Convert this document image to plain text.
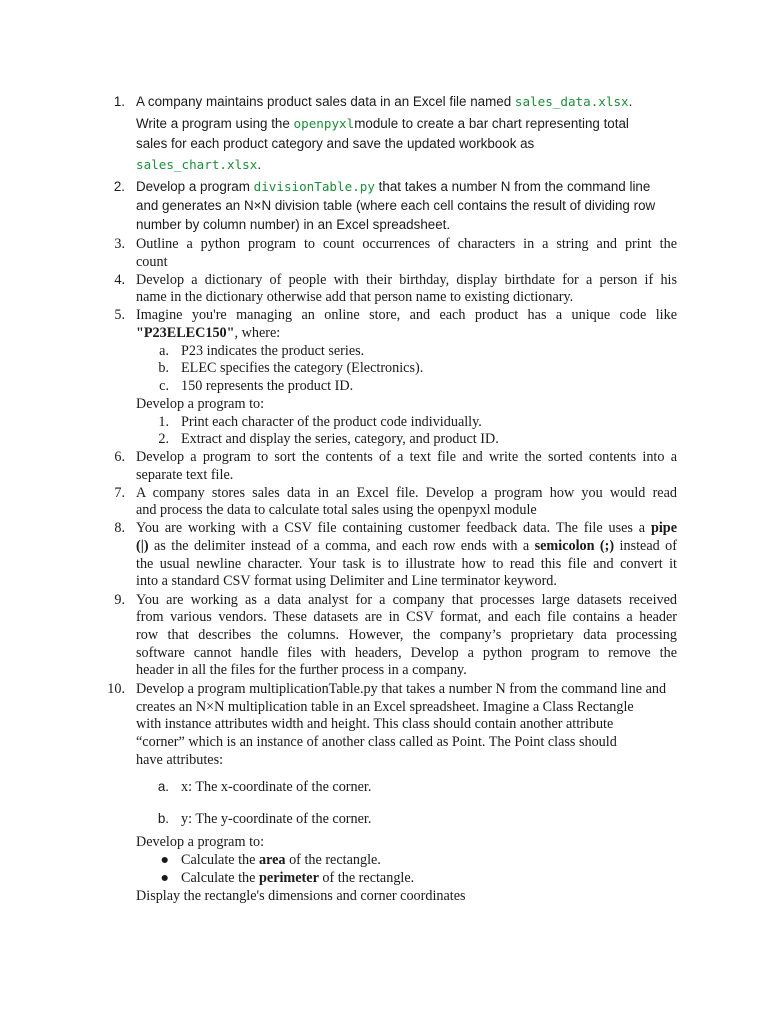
1. A company maintains product sales data in an Excel file named sales_data.xlsx.

Write a program using the openpyxlmodule to create a bar chart representing total

sales for each product category and save the updated workbook as

sales_chart.xlsx.

2. Develop a program divisionTable.py that takes a number N from the command line

and generates an N×N division table (where each cell contains the result of dividing row

number by column number) in an Excel spreadsheet.

3. Outline a python program to count occurrences of characters in a string and print the

count

4. Develop a dictionary of people with their birthday, display birthdate for a person if his

name in the dictionary otherwise add that person name to existing dictionary.

5. Imagine you're managing an online store, and each product has a unique code like

"P23ELEC150", where:

a. P23 indicates the product series.

b. ELEC specifies the category (Electronics).

c. 150 represents the product ID.

Develop a program to:

1. Print each character of the product code individually.

2. Extract and display the series, category, and product ID.

6. Develop a program to sort the contents of a text file and write the sorted contents into a

separate text file.

7. A company stores sales data in an Excel file. Develop a program how you would read

and process the data to calculate total sales using the openpyxl module

8. You are working with a CSV file containing customer feedback data. The file uses a pipe

(|) as the delimiter instead of a comma, and each row ends with a semicolon (;) instead of

the usual newline character. Your task is to illustrate how to read this file and convert it

into a standard CSV format using Delimiter and Line terminator keyword.

9. You are working as a data analyst for a company that processes large datasets received

from various vendors. These datasets are in CSV format, and each file contains a header

row that describes the columns. However, the company’s proprietary data processing

software cannot handle files with headers, Develop a python program to remove the

header in all the files for the further process in a company.

10. Develop a program multiplicationTable.py that takes a number N from the command line and

creates an N×N multiplication table in an Excel spreadsheet. Imagine a Class Rectangle

with instance attributes width and height. This class should contain another attribute

“corner” which is an instance of another class called as Point. The Point class should

have attributes:

a. x: The x-coordinate of the corner.

b. y: The y-coordinate of the corner.

Develop a program to:

● Calculate the area of the rectangle.

● Calculate the perimeter of the rectangle.

Display the rectangle's dimensions and corner coordinates
